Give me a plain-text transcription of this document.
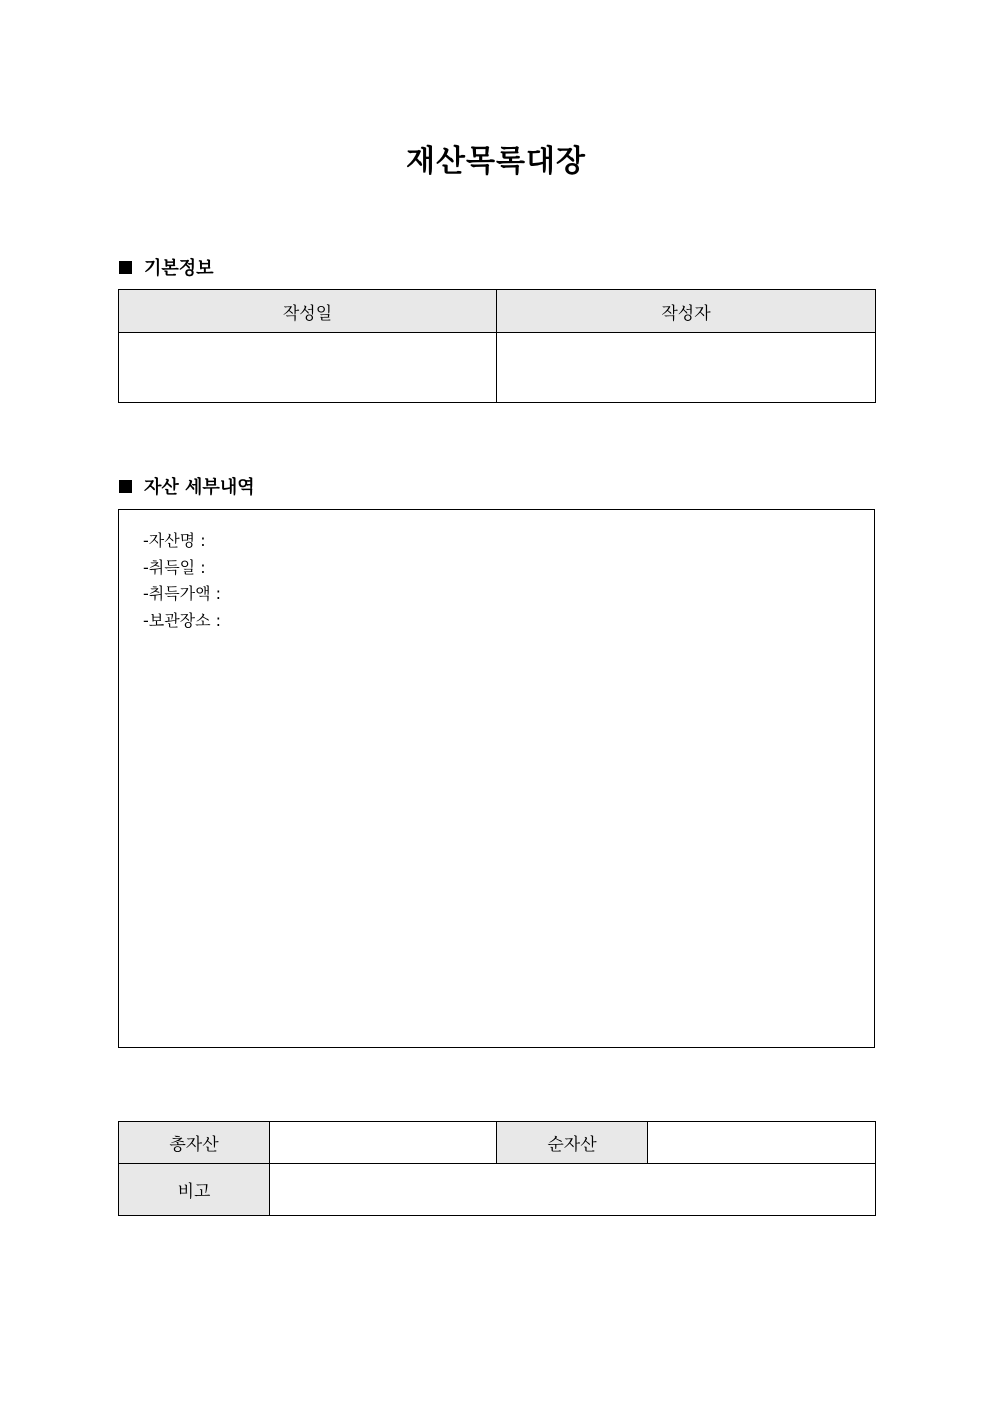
재산목록대장
기본정보
작성일	작성자

자산 세부내역
-자산명 :
-취득일 :
-취득가액 :
-보관장소 :
총자산		순자산	
비고			
